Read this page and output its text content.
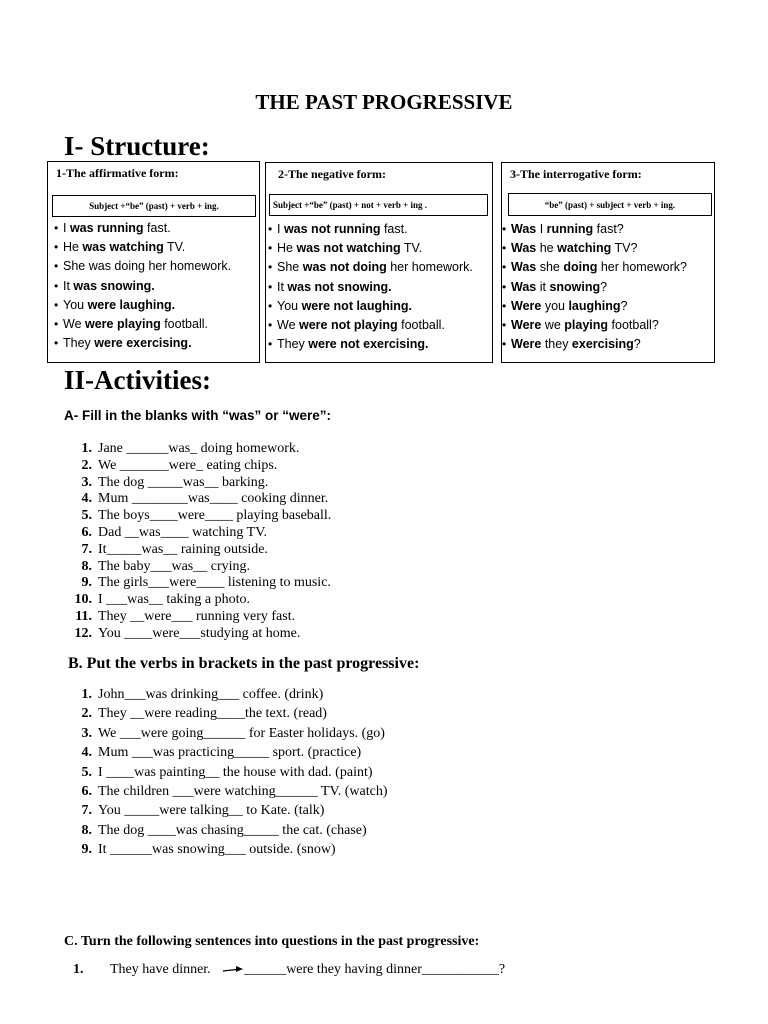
THE PAST PROGRESSIVE
I- Structure:
1-The affirmative form:
Subject +“be” (past) + verb + ing.
• I was running fast.
• He was watching TV.
• She was doing her homework.
• It was snowing.
• You were laughing.
• We were playing football.
• They were exercising.
2-The negative form:
Subject +“be” (past) + not + verb + ing .
• I was not running fast.
• He was not watching TV.
• She was not doing her homework.
• It was not snowing.
• You were not laughing.
• We were not playing football.
• They were not exercising.
3-The interrogative form:
“be” (past) + subject + verb + ing.
• Was I running fast?
• Was he watching TV?
• Was she doing her homework?
• Was it snowing?
• Were you laughing?
• Were we playing football?
• Were they exercising?
II-Activities:
A- Fill in the blanks with “was” or “were”:
1. Jane ______was_ doing homework.
2. We _______were_ eating chips.
3. The dog _____was__ barking.
4. Mum ________was____ cooking dinner.
5. The boys____were____ playing baseball.
6. Dad __was____ watching TV.
7. It_____was__ raining outside.
8. The baby___was__ crying.
9. The girls___were____ listening to music.
10. I ___was__ taking a photo.
11. They __were___ running very fast.
12. You ____were___studying at home.
B. Put the verbs in brackets in the past progressive:
1. John___was drinking___ coffee. (drink)
2. They __were reading____the text. (read)
3. We ___were going______ for Easter holidays. (go)
4. Mum ___was practicing_____ sport. (practice)
5. I ____was painting__ the house with dad. (paint)
6. The children ___were watching______ TV. (watch)
7. You _____were talking__ to Kate. (talk)
8. The dog ____was chasing_____ the cat. (chase)
9. It ______was snowing___ outside. (snow)
C. Turn the following sentences into questions in the past progressive:
1. They have dinner. ______were they having dinner___________?
